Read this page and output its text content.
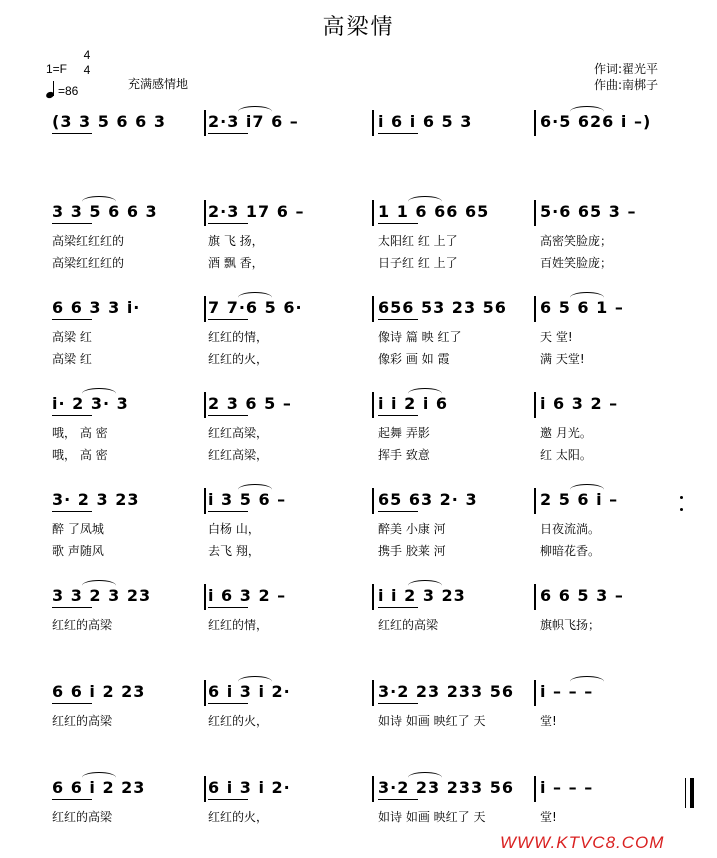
高梁情
1=F
4
4
=86	充满感情地
作词:翟光平
作曲:南梆子
(3 3 5 6 6 3	2·3 i7 6 –	i 6 i 6 5 3	6·5 626 i –)
3 3 5 6 6 3
高梁红红红的
高梁红红红的
2·3 17 6 –
旗 飞 扬，
酒 飘 香，
1 1 6 66 65
太阳红 红 上了
日子红 红 上了
5·6 65 3 –
高密笑脸庞；
百姓笑脸庞；
6 6 3 3 i·
高梁 红
高梁 红
7 7·6 5 6·
红红的情，
红红的火，
656 53 23 56
像诗 篇 映 红了
像彩 画 如 霞
6 5 6 1 –
天 堂!
满 天堂!
i· 2 3· 3
哦， 高 密
哦， 高 密
2 3 6 5 –
红红高梁，
红红高梁，
i i 2 i 6
起舞 弄影
挥手 致意
i 6 3 2 –
邀 月光。
红 太阳。
3· 2 3 23
醉 了凤城
歌 声随风
i 3 5 6 –
白杨 山，
去飞 翔，
65 63 2· 3
醉美 小康 河
携手 胶莱 河
2 5 6 i –
日夜流淌。
柳暗花香。
3 3 2 3 23
红红的高梁
i 6 3 2 –
红红的情，
i i 2 3 23
红红的高梁
6 6 5 3 –
旗帜飞扬；
6 6 i 2 23
红红的高梁
6 i 3 i 2·
红红的火，
3·2 23 233 56
如诗 如画 映红了 天
i – – –
堂!
6 6 i 2 23
红红的高梁
6 i 3 i 2·
红红的火，
3·2 23 233 56
如诗 如画 映红了 天
i – – –
堂!
WWW.KTVC8.COM
